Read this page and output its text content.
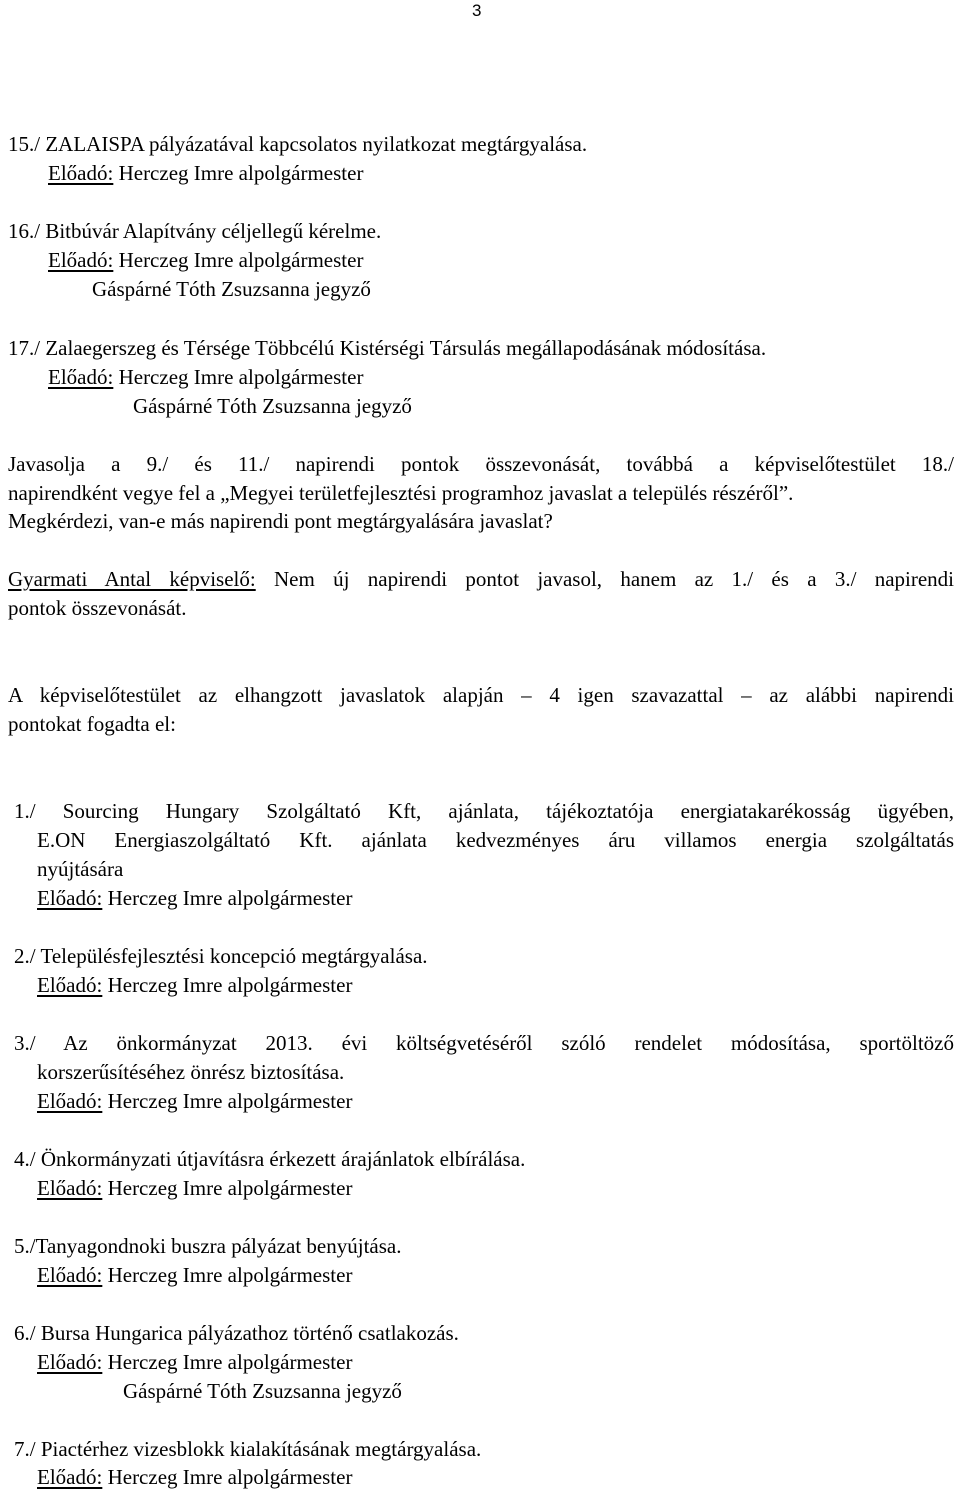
3
15./ ZALAISPA pályázatával kapcsolatos nyilatkozat megtárgyalása.
Előadó: Herczeg Imre alpolgármester
16./ Bitbúvár Alapítvány céljellegű kérelme.
Előadó: Herczeg Imre alpolgármester
Gáspárné Tóth Zsuzsanna jegyző
17./ Zalaegerszeg és Térsége Többcélú Kistérségi Társulás megállapodásának módosítása.
Előadó: Herczeg Imre alpolgármester
Gáspárné Tóth Zsuzsanna jegyző
Javasolja a 9./ és 11./ napirendi pontok összevonását, továbbá a képviselőtestület 18./
napirendként vegye fel a „Megyei területfejlesztési programhoz javaslat a település részéről”.
Megkérdezi, van-e más napirendi pont megtárgyalására javaslat?
Gyarmati Antal képviselő: Nem új napirendi pontot javasol, hanem az 1./ és a 3./ napirendi
pontok összevonását.
A képviselőtestület az elhangzott javaslatok alapján – 4 igen szavazattal – az alábbi napirendi
pontokat fogadta el:
1./ Sourcing Hungary Szolgáltató Kft, ajánlata, tájékoztatója energiatakarékosság ügyében,
E.ON Energiaszolgáltató Kft. ajánlata kedvezményes áru villamos energia szolgáltatás
nyújtására
Előadó: Herczeg Imre alpolgármester
2./ Településfejlesztési koncepció megtárgyalása.
Előadó: Herczeg Imre alpolgármester
3./ Az önkormányzat 2013. évi költségvetéséről szóló rendelet módosítása, sportöltöző
korszerűsítéséhez önrész biztosítása.
Előadó: Herczeg Imre alpolgármester
4./ Önkormányzati útjavításra érkezett árajánlatok elbírálása.
Előadó: Herczeg Imre alpolgármester
5./Tanyagondnoki buszra pályázat benyújtása.
Előadó: Herczeg Imre alpolgármester
6./ Bursa Hungarica pályázathoz történő csatlakozás.
Előadó: Herczeg Imre alpolgármester
Gáspárné Tóth Zsuzsanna jegyző
7./ Piactérhez vizesblokk kialakításának megtárgyalása.
Előadó: Herczeg Imre alpolgármester
